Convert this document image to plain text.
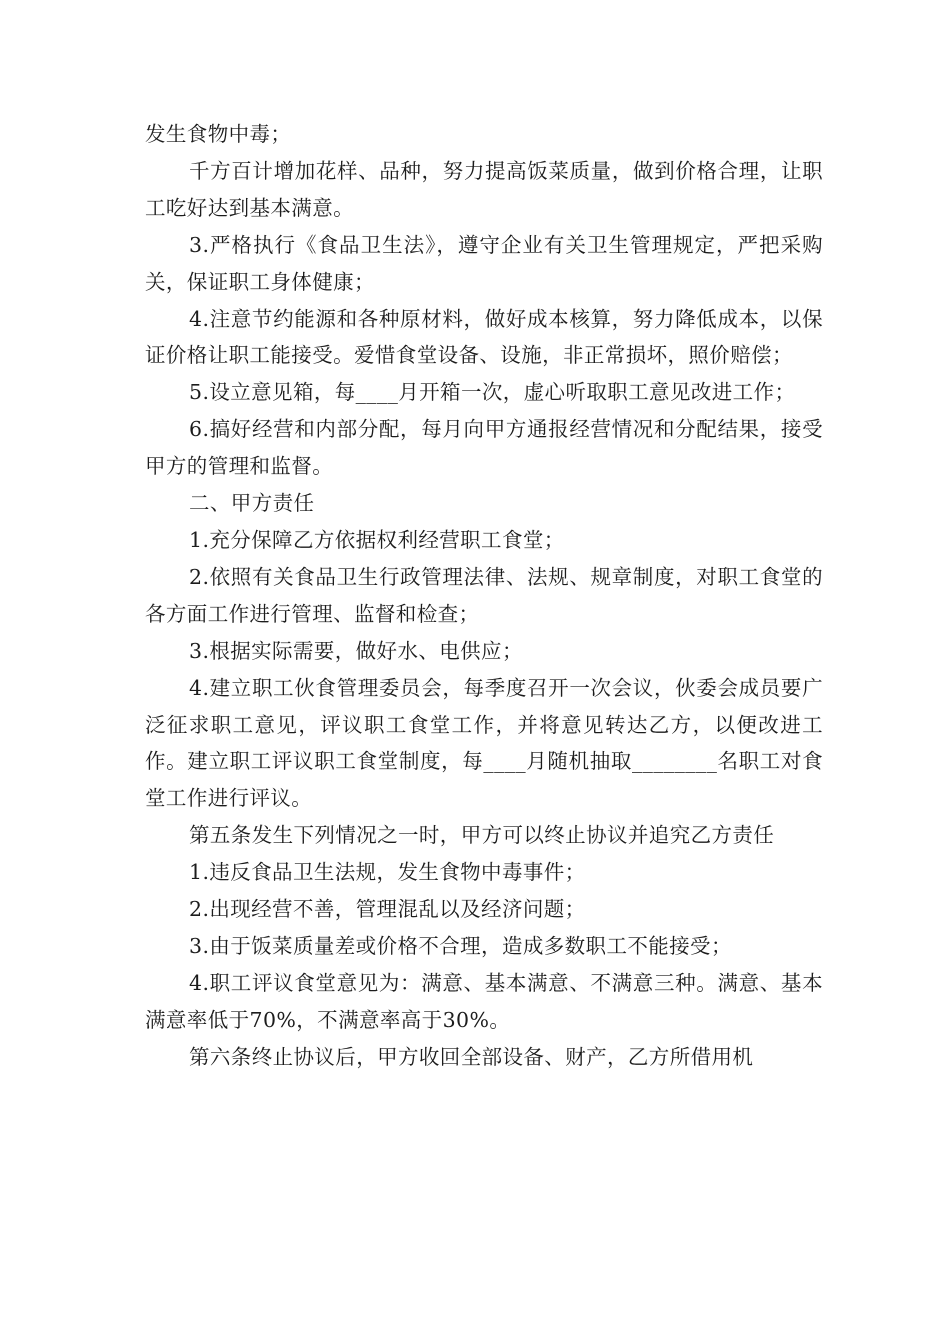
发生食物中毒；

千方百计增加花样、品种，努力提高饭菜质量，做到价格合理，让职工吃好达到基本满意。

3.严格执行《食品卫生法》，遵守企业有关卫生管理规定，严把采购关，保证职工身体健康；

4.注意节约能源和各种原材料，做好成本核算，努力降低成本，以保证价格让职工能接受。爱惜食堂设备、设施，非正常损坏，照价赔偿；

5.设立意见箱，每____月开箱一次，虚心听取职工意见改进工作；

6.搞好经营和内部分配，每月向甲方通报经营情况和分配结果，接受甲方的管理和监督。

二、甲方责任

1.充分保障乙方依据权利经营职工食堂；

2.依照有关食品卫生行政管理法律、法规、规章制度，对职工食堂的各方面工作进行管理、监督和检查；

3.根据实际需要，做好水、电供应；

4.建立职工伙食管理委员会，每季度召开一次会议，伙委会成员要广泛征求职工意见，评议职工食堂工作，并将意见转达乙方，以便改进工作。建立职工评议职工食堂制度，每____月随机抽取________名职工对食堂工作进行评议。

第五条发生下列情况之一时，甲方可以终止协议并追究乙方责任

1.违反食品卫生法规，发生食物中毒事件；

2.出现经营不善，管理混乱以及经济问题；

3.由于饭菜质量差或价格不合理，造成多数职工不能接受；

4.职工评议食堂意见为：满意、基本满意、不满意三种。满意、基本满意率低于70%，不满意率高于30%。

第六条终止协议后，甲方收回全部设备、财产，乙方所借用机
